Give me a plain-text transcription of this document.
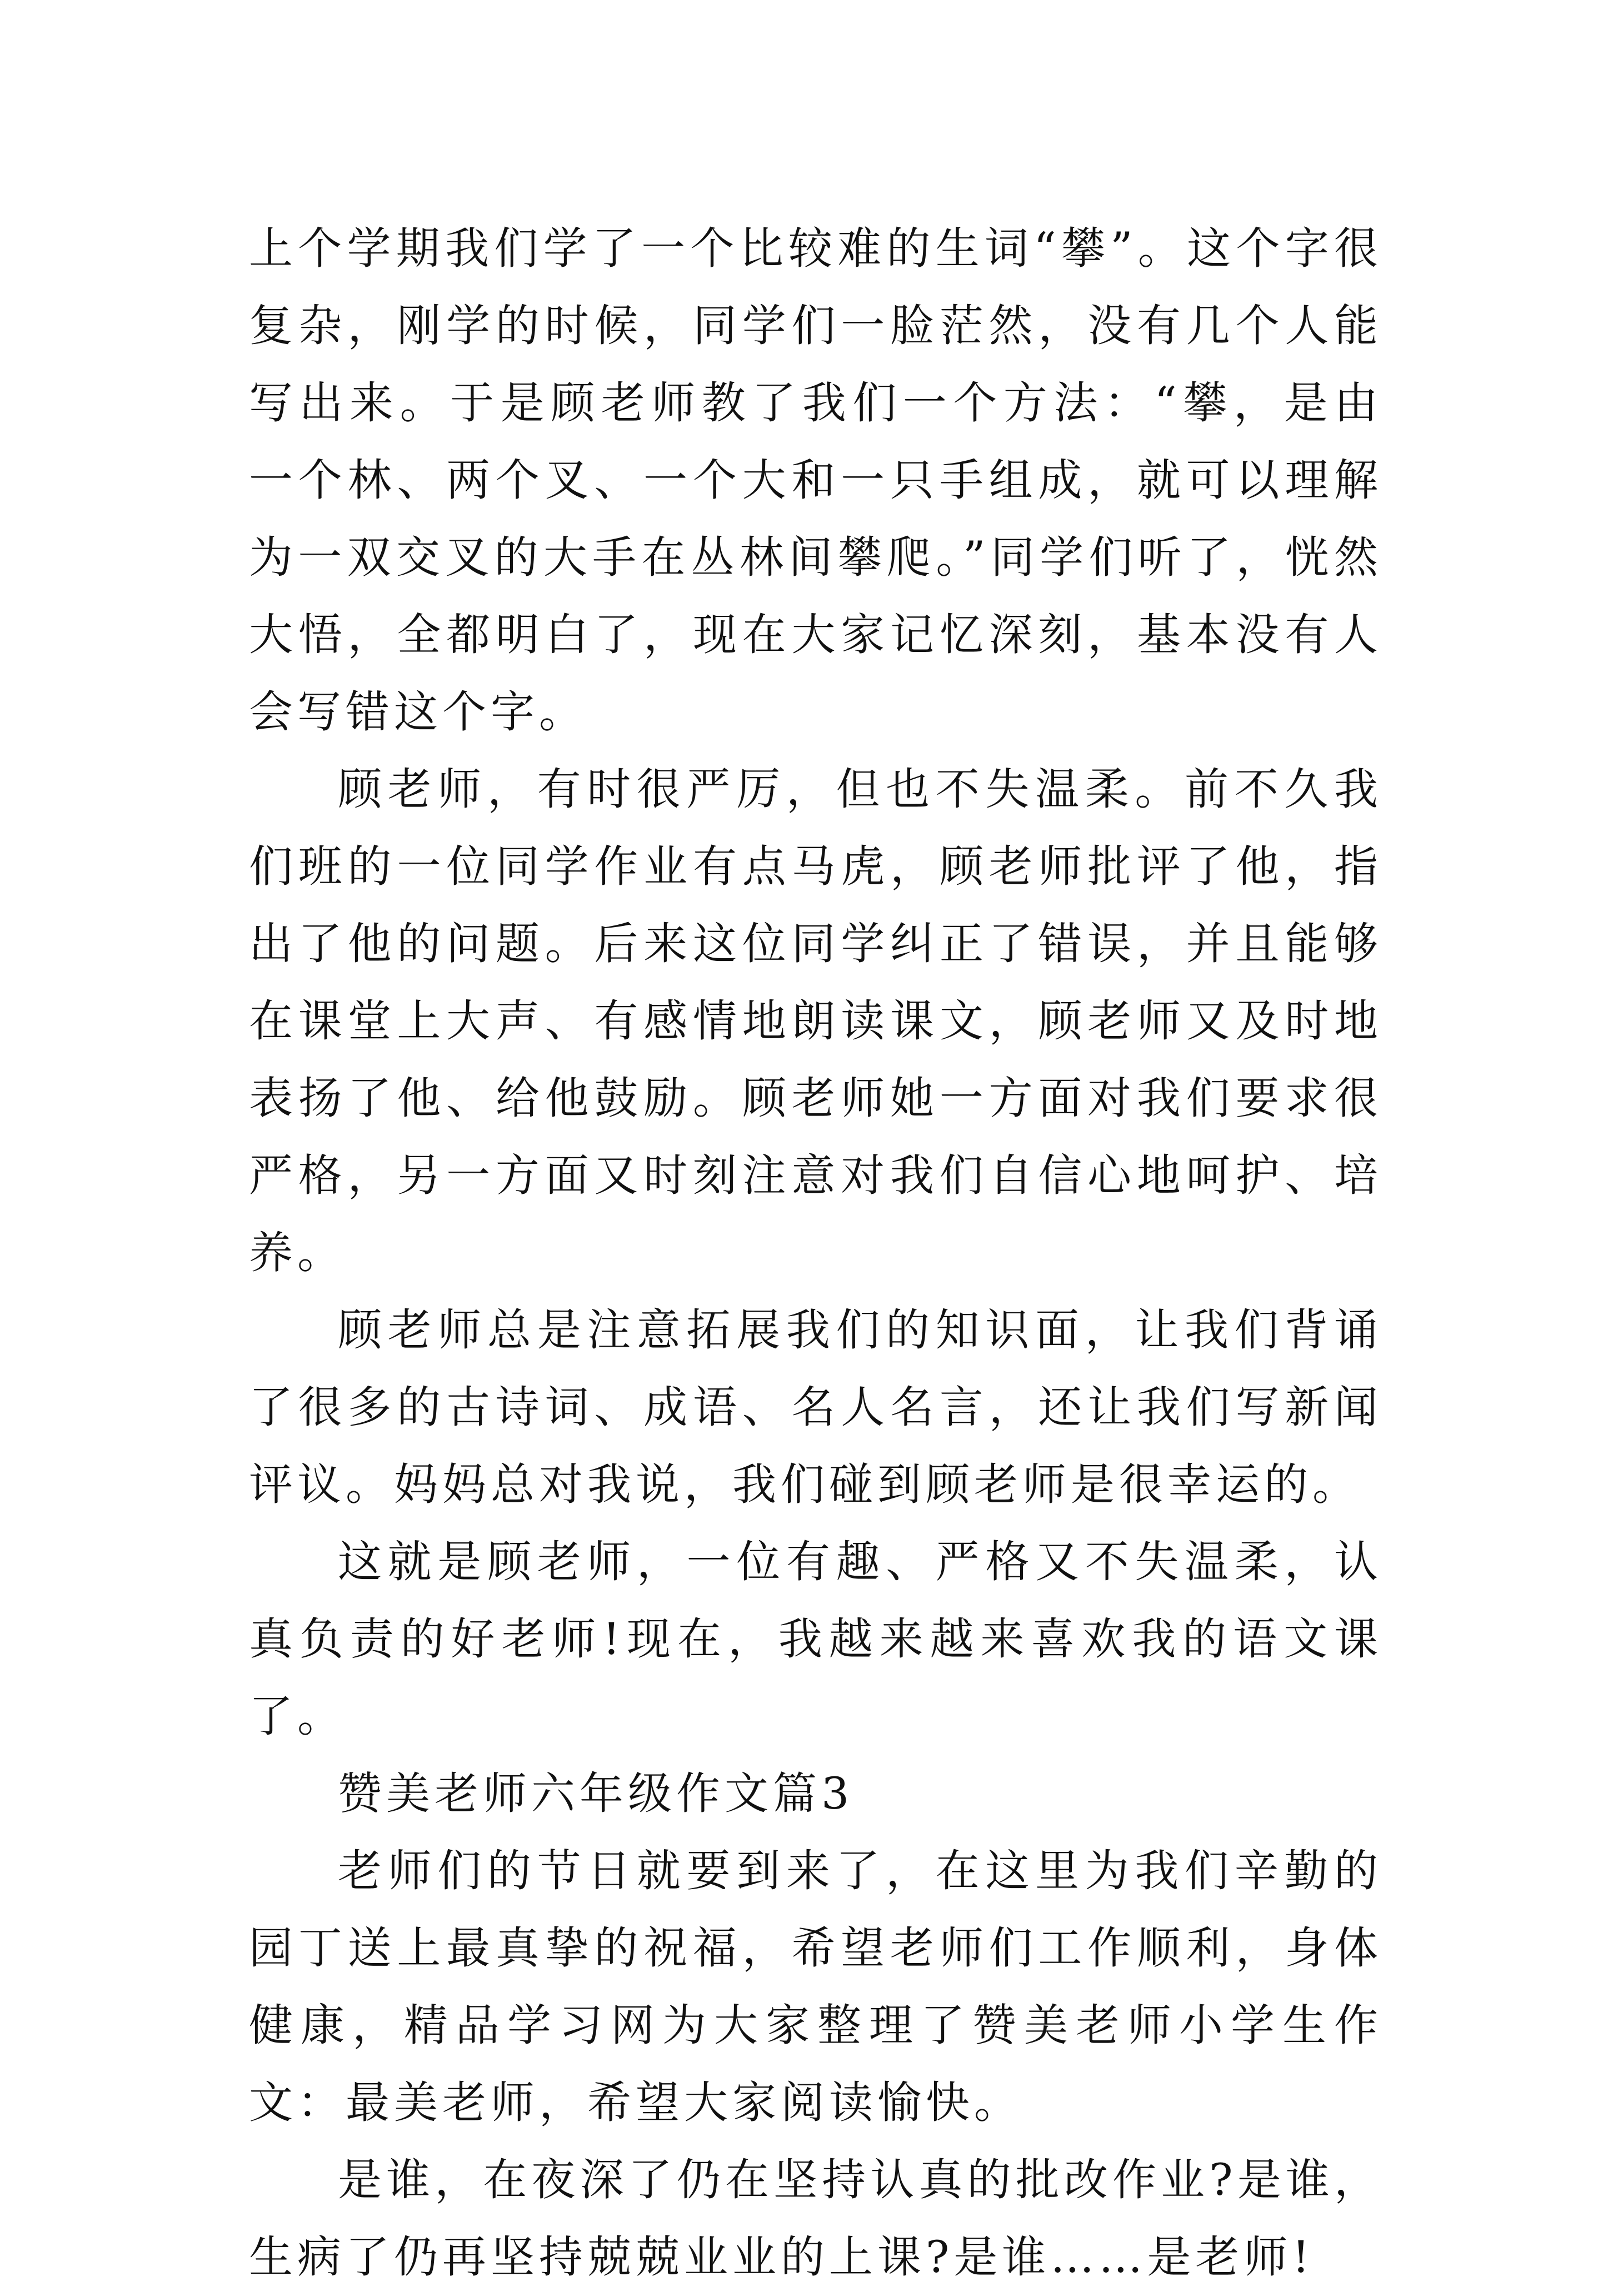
上个学期我们学了一个比较难的生词“攀”。这个字很复杂，刚学的时候，同学们一脸茫然，没有几个人能写出来。于是顾老师教了我们一个方法：“攀，是由一个林、两个叉、一个大和一只手组成，就可以理解为一双交叉的大手在丛林间攀爬。”同学们听了，恍然大悟，全都明白了，现在大家记忆深刻，基本没有人会写错这个字。

顾老师，有时很严厉，但也不失温柔。前不久我们班的一位同学作业有点马虎，顾老师批评了他，指出了他的问题。后来这位同学纠正了错误，并且能够在课堂上大声、有感情地朗读课文，顾老师又及时地表扬了他、给他鼓励。顾老师她一方面对我们要求很严格，另一方面又时刻注意对我们自信心地呵护、培养。

顾老师总是注意拓展我们的知识面，让我们背诵了很多的古诗词、成语、名人名言，还让我们写新闻评议。妈妈总对我说，我们碰到顾老师是很幸运的。

这就是顾老师，一位有趣、严格又不失温柔，认真负责的好老师!现在，我越来越来喜欢我的语文课了。

赞美老师六年级作文篇3

老师们的节日就要到来了，在这里为我们辛勤的园丁送上最真挚的祝福，希望老师们工作顺利，身体健康，精品学习网为大家整理了赞美老师小学生作文：最美老师，希望大家阅读愉快。

是谁，在夜深了仍在坚持认真的批改作业?是谁，生病了仍再坚持兢兢业业的上课?是谁……是老师!
